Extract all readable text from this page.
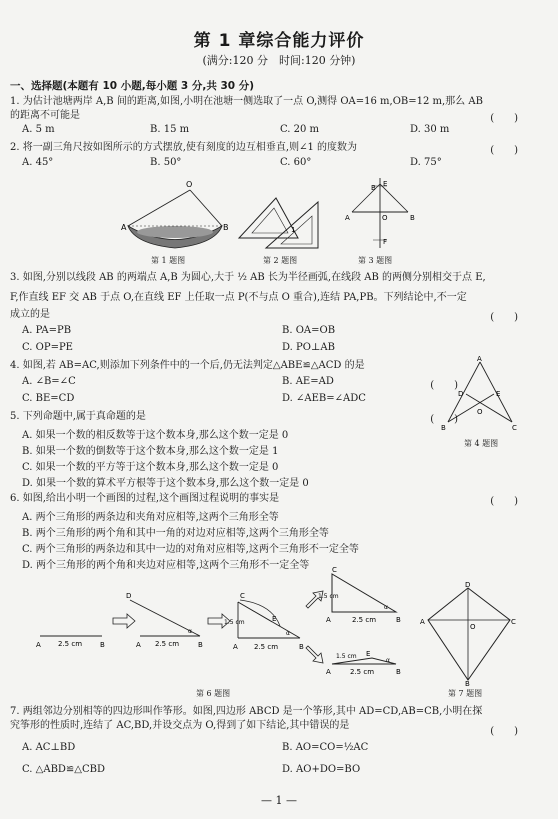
第 1 章综合能力评价
(满分:120 分　时间:120 分钟)
一、选择题(本题有 10 小题,每小题 3 分,共 30 分)
1. 为估计池塘两岸 A,B 间的距离,如图,小明在池塘一侧选取了一点 O,测得 OA=16 m,OB=12 m,那么 AB
的距离不可能是	(　　)
A. 5 m	B. 15 m	C. 20 m	D. 30 m
2. 将一副三角尺按如图所示的方式摆放,使有刻度的边互相垂直,则∠1 的度数为	(　　)
A. 45°	B. 50°	C. 60°	D. 75°
O
A	B
第 1 题图
1
第 2 题图
E
B
A	O	B
F
第 3 题图
3. 如图,分别以线段 AB 的两端点 A,B 为圆心,大于 ½ AB 长为半径画弧,在线段 AB 的两侧分别相交于点 E,
F,作直线 EF 交 AB 于点 O,在直线 EF 上任取一点 P(不与点 O 重合),连结 PA,PB。下列结论中,不一定
成立的是	(　　)
A. PA=PB	B. OA=OB
C. OP=PE	D. PO⊥AB
4. 如图,若 AB=AC,则添加下列条件中的一个后,仍无法判定△ABE≌△ACD 的是
A. ∠B=∠C	B. AE=AD
C. BE=CD	D. ∠AEB=∠ADC
(　　)
A
D	E
O
B	C
第 4 题图
5. 下列命题中,属于真命题的是	(　　)
A. 如果一个数的相反数等于这个数本身,那么这个数一定是 0
B. 如果一个数的倒数等于这个数本身,那么这个数一定是 1
C. 如果一个数的平方等于这个数本身,那么这个数一定是 0
D. 如果一个数的算术平方根等于这个数本身,那么这个数一定是 0
6. 如图,给出小明一个画图的过程,这个画图过程说明的事实是	(　　)
A. 两个三角形的两条边和夹角对应相等,这两个三角形全等
B. 两个三角形的两个角和其中一角的对边对应相等,这两个三角形全等
C. 两个三角形的两条边和其中一边的对角对应相等,这两个三角形不一定全等
D. 两个三角形的两个角和夹边对应相等,这两个三角形不一定全等
A	B
2.5 cm
D
A	B
2.5 cm
α
C
E
1.5 cm
A	B
2.5 cm
α
C
1.5 cm
A	B
2.5 cm
α
E
1.5 cm
A	B
2.5 cm
α
第 6 题图
D
A	C
O
B
第 7 题图
7. 两组邻边分别相等的四边形叫作筝形。如图,四边形 ABCD 是一个筝形,其中 AD=CD,AB=CB,小明在探
究筝形的性质时,连结了 AC,BD,并设交点为 O,得到了如下结论,其中错误的是
(　　)
A. AC⊥BD	B. AO=CO=½AC
C. △ABD≌△CBD	D. AO+DO=BO
— 1 —
